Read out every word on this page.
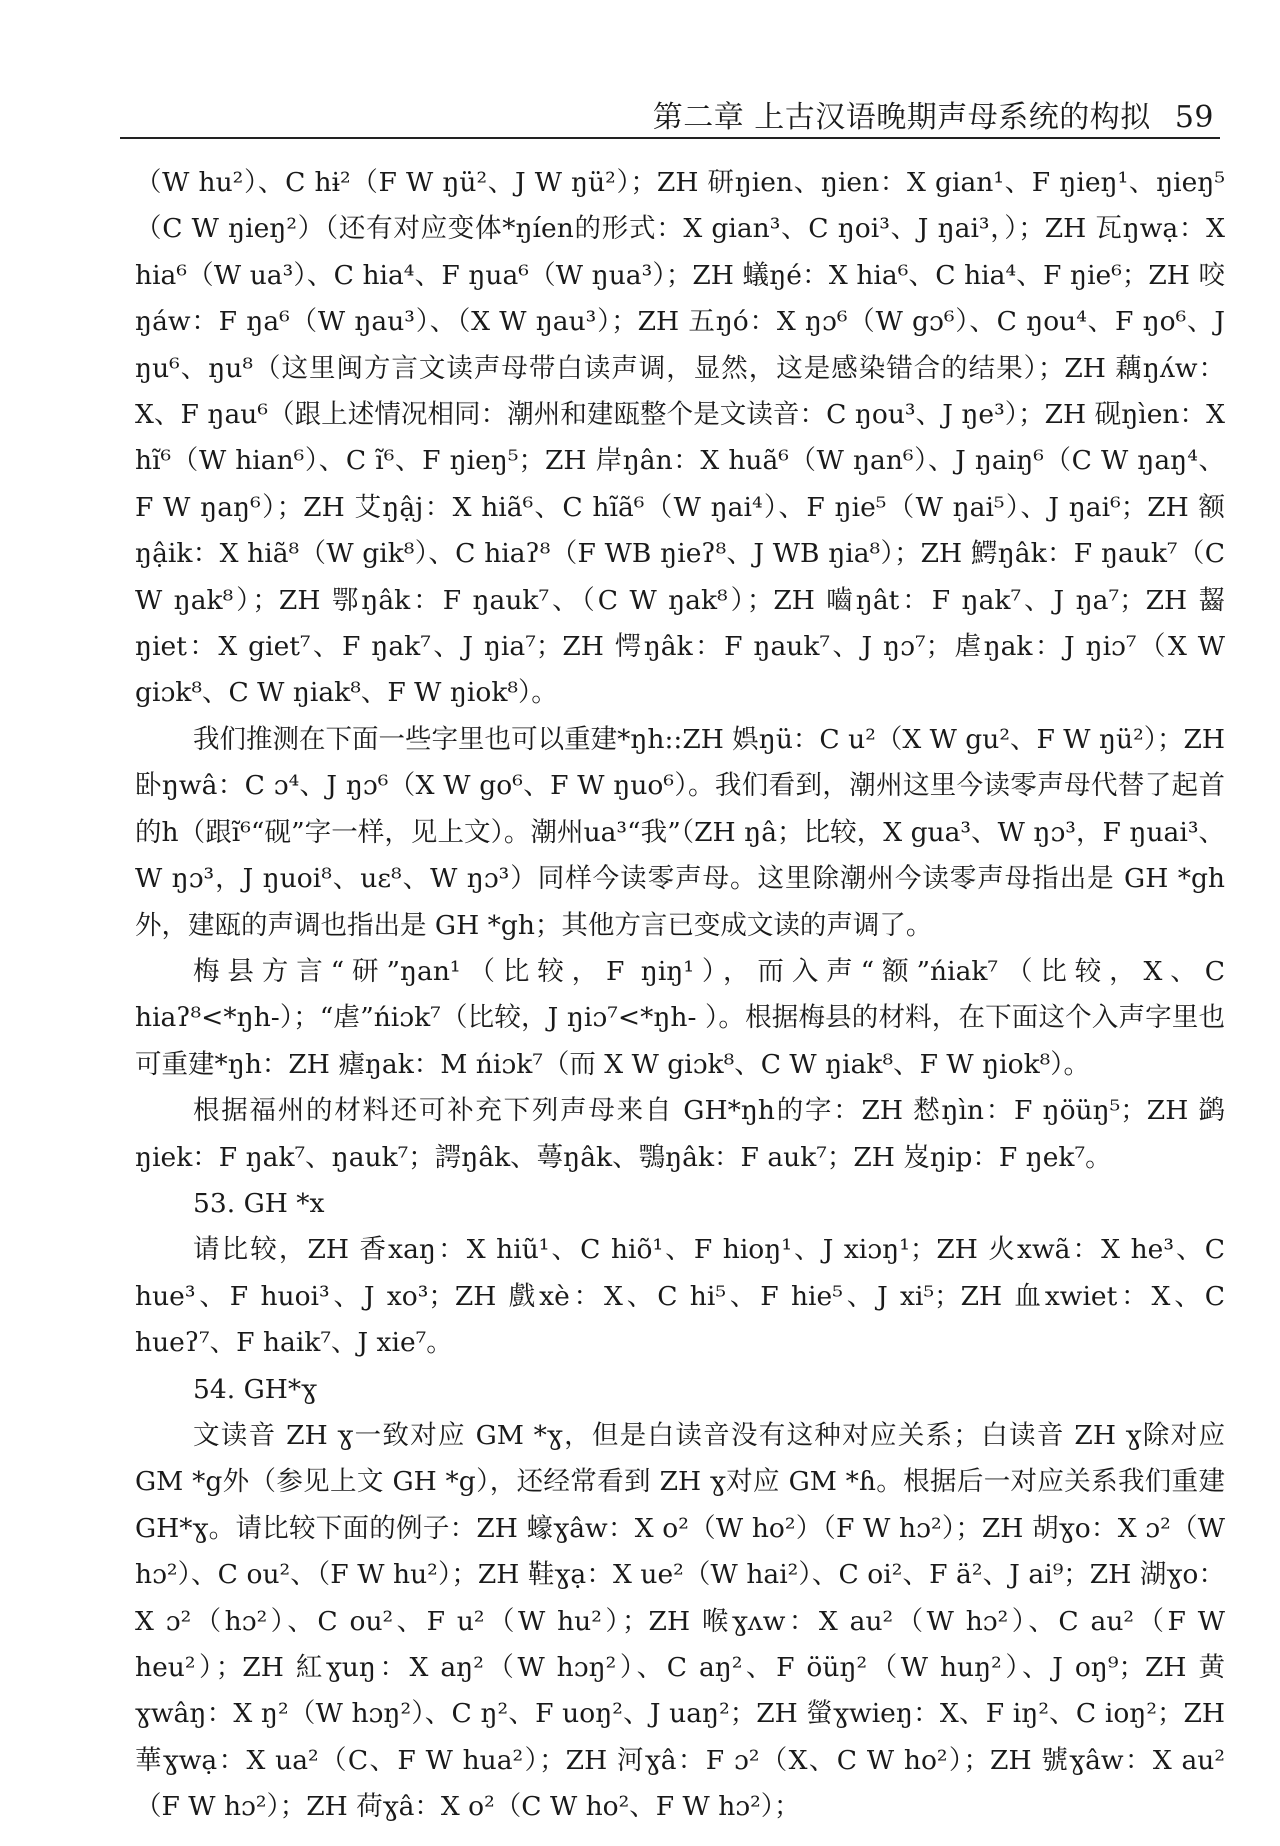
第二章 上古汉语晚期声母系统的构拟 59

（W hu²）、C hɨ²（F W ŋü²、J W ŋü²）；ZH 研ŋien、ŋien：X gian¹、F ŋieŋ¹、ŋieŋ⁵（C W ŋieŋ²）（还有对应变体*ŋíen的形式：X gian³、C ŋoi³、J ŋai³，）；ZH 瓦ŋwạ：X hia⁶（W ua³）、C hia⁴、F ŋua⁶（W ŋua³）；ZH 蟻ŋé：X hia⁶、C hia⁴、F ŋie⁶；ZH 咬ŋáw：F ŋa⁶（W ŋau³）、（X W ŋau³）；ZH 五ŋó：X ŋɔ⁶（W gɔ⁶）、C ŋou⁴、F ŋo⁶、J ŋu⁶、ŋu⁸（这里闽方言文读声母带白读声调，显然，这是感染错合的结果）；ZH 藕ŋʌ́w：X、F ŋau⁶（跟上述情况相同：潮州和建瓯整个是文读音：C ŋou³、J ŋe³）；ZH 砚ŋìen：X hĩ⁶（W hian⁶）、C ĩ⁶、F ŋieŋ⁵；ZH 岸ŋân：X huã⁶（W ŋan⁶）、J ŋaiŋ⁶（C W ŋaŋ⁴、F W ŋaŋ⁶）；ZH 艾ŋậj：X hiã⁶、C hĩã⁶（W ŋai⁴）、F ŋie⁵（W ŋai⁵）、J ŋai⁶；ZH 额ŋậik：X hiã⁸（W gik⁸）、C hiaʔ⁸（F WB ŋieʔ⁸、J WB ŋia⁸）；ZH 鰐ŋâk：F ŋauk⁷（C W ŋak⁸）；ZH 鄂ŋâk：F ŋauk⁷、（C W ŋak⁸）；ZH 嚙ŋât：F ŋak⁷、J ŋa⁷；ZH 齧ŋiet：X giet⁷、F ŋak⁷、J ŋia⁷；ZH 愕ŋâk：F ŋauk⁷、J ŋɔ⁷；虐ŋak：J ŋiɔ⁷（X W giɔk⁸、C W ŋiak⁸、F W ŋiok⁸）。

我们推测在下面一些字里也可以重建*ŋh::ZH 娯ŋü：C u²（X W gu²、F W ŋü²）；ZH 卧ŋwâ：C ɔ⁴、J ŋɔ⁶（X W go⁶、F W ŋuo⁶）。我们看到，潮州这里今读零声母代替了起首的h（跟ĩ⁶“砚”字一样，见上文）。潮州ua³“我”（ZH ŋâ；比较，X gua³、W ŋɔ³，F ŋuai³、W ŋɔ³，J ŋuoi⁸、uɛ⁸、W ŋɔ³）同样今读零声母。这里除潮州今读零声母指出是 GH *gh外，建瓯的声调也指出是 GH *gh；其他方言已变成文读的声调了。

梅县方言“研”ŋan¹（比较，F ŋiŋ¹），而入声“额”ńiak⁷（比较，X、C hiaʔ⁸<*ŋh-）；“虐”ńiɔk⁷（比较，J ŋiɔ⁷<*ŋh- ）。根据梅县的材料，在下面这个入声字里也可重建*ŋh：ZH 瘧ŋak：M ńiɔk⁷（而 X W giɔk⁸、C W ŋiak⁸、F W ŋiok⁸）。

根据福州的材料还可补充下列声母来自 GH*ŋh的字：ZH 慭ŋìn：F ŋöüŋ⁵；ZH 鹢ŋiek：F ŋak⁷、ŋauk⁷；諤ŋâk、蕚ŋâk、鶚ŋâk：F auk⁷；ZH 岌ŋip：F ŋek⁷。

53. GH *x

请比较，ZH 香xaŋ：X hiũ¹、C hiõ¹、F hioŋ¹、J xiɔŋ¹；ZH 火xwã：X he³、C hue³、F huoi³、J xo³；ZH 戲xè：X、C hi⁵、F hie⁵、J xi⁵；ZH 血xwiet：X、C hueʔ⁷、F haik⁷、J xie⁷。

54. GH*ɣ

文读音 ZH ɣ一致对应 GM *ɣ，但是白读音没有这种对应关系；白读音 ZH ɣ除对应 GM *g外（参见上文 GH *g），还经常看到 ZH ɣ对应 GM *ɦ。根据后一对应关系我们重建 GH*ɣ。请比较下面的例子：ZH 蠔ɣâw：X o²（W ho²）（F W hɔ²）；ZH 胡ɣo：X ɔ²（W hɔ²）、C ou²、（F W hu²）；ZH 鞋ɣạ：X ue²（W hai²）、C oi²、F ä²、J ai⁹；ZH 湖ɣo：X ɔ²（hɔ²）、C ou²、F u²（W hu²）；ZH 喉ɣʌw：X au²（W hɔ²）、C au²（F W heu²）；ZH 紅ɣuŋ：X aŋ²（W hɔŋ²）、C aŋ²、F öüŋ²（W huŋ²）、J oŋ⁹；ZH 黄ɣwâŋ：X ŋ²（W hɔŋ²）、C ŋ²、F uoŋ²、J uaŋ²；ZH 螢ɣwieŋ：X、F iŋ²、C ioŋ²；ZH 華ɣwạ：X ua²（C、F W hua²）；ZH 河ɣâ：F ɔ²（X、C W ho²）；ZH 號ɣâw：X au²（F W hɔ²）；ZH 荷ɣâ：X o²（C W ho²、F W hɔ²）；
